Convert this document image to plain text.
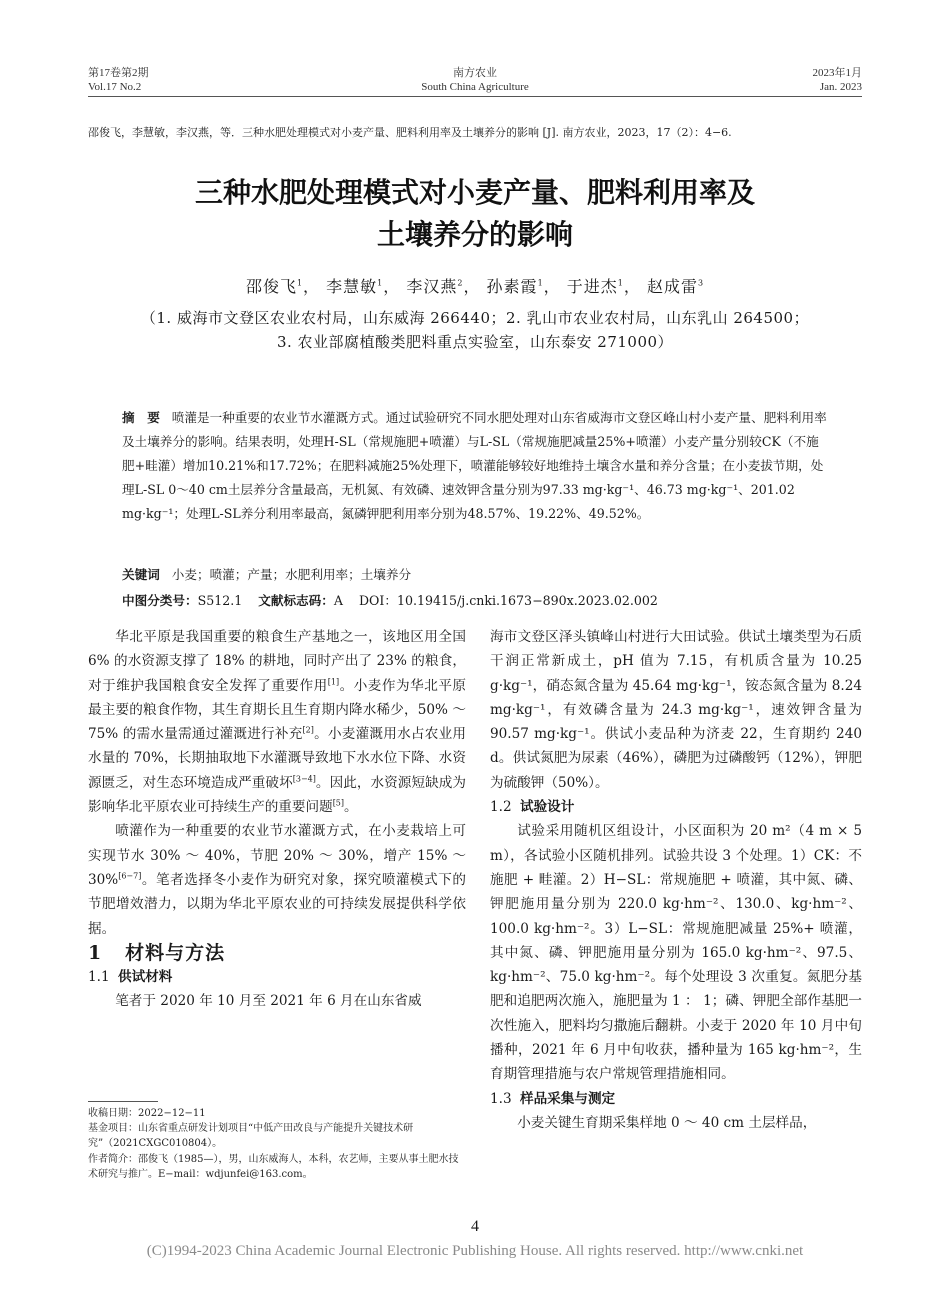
第17卷第2期
Vol.17 No.2
南方农业
South China Agriculture
2023年1月
Jan. 2023
邵俊飞，李慧敏，李汉燕，等．三种水肥处理模式对小麦产量、肥料利用率及土壤养分的影响 [J]. 南方农业，2023，17（2）：4−6.
三种水肥处理模式对小麦产量、肥料利用率及
土壤养分的影响
邵俊飞$^1$， 李慧敏$^1$， 李汉燕$^2$， 孙素霞$^1$， 于进杰$^1$， 赵成雷$^3$
（1. 威海市文登区农业农村局，山东威海 266440；2. 乳山市农业农村局，山东乳山 264500；
3. 农业部腐植酸类肥料重点实验室，山东泰安 271000）

摘　要 喷灌是一种重要的农业节水灌溉方式。通过试验研究不同水肥处理对山东省威海市文登区峰山村小麦产量、肥料利用率及土壤养分的影响。结果表明，处理H-SL（常规施肥+喷灌）与L-SL（常规施肥减量25%+喷灌）小麦产量分别较CK（不施肥+畦灌）增加10.21%和17.72%；在肥料减施25%处理下，喷灌能够较好地维持土壤含水量和养分含量；在小麦拔节期，处理L-SL 0～40 cm土层养分含量最高，无机氮、有效磷、速效钾含量分别为97.33 mg·kg⁻¹、46.73 mg·kg⁻¹、201.02 mg·kg⁻¹；处理L-SL养分利用率最高，氮磷钾肥利用率分别为48.57%、19.22%、49.52%。

关键词 小麦；喷灌；产量；水肥利用率；土壤养分
中图分类号：S512.1 文献标志码：A DOI：10.19415/j.cnki.1673−890x.2023.02.002

华北平原是我国重要的粮食生产基地之一，该地区用全国 6% 的水资源支撑了 18% 的耕地，同时产出了 23% 的粮食，对于维护我国粮食安全发挥了重要作用[1]。小麦作为华北平原最主要的粮食作物，其生育期长且生育期内降水稀少，50% ～ 75% 的需水量需通过灌溉进行补充[2]。小麦灌溉用水占农业用水量的 70%，长期抽取地下水灌溉导致地下水水位下降、水资源匮乏，对生态环境造成严重破坏[3−4]。因此，水资源短缺成为影响华北平原农业可持续生产的重要问题[5]。

喷灌作为一种重要的农业节水灌溉方式，在小麦栽培上可实现节水 30% ～ 40%，节肥 20% ～ 30%，增产 15% ～ 30%[6−7]。笔者选择冬小麦作为研究对象，探究喷灌模式下的节肥增效潜力，以期为华北平原农业的可持续发展提供科学依据。

1 材料与方法

1.1 供试材料

笔者于 2020 年 10 月至 2021 年 6 月在山东省威

海市文登区泽头镇峰山村进行大田试验。供试土壤类型为石质干润正常新成土，pH 值为 7.15，有机质含量为 10.25 g·kg⁻¹，硝态氮含量为 45.64 mg·kg⁻¹，铵态氮含量为 8.24 mg·kg⁻¹，有效磷含量为 24.3 mg·kg⁻¹，速效钾含量为 90.57 mg·kg⁻¹。供试小麦品种为济麦 22，生育期约 240 d。供试氮肥为尿素（46%），磷肥为过磷酸钙（12%），钾肥为硫酸钾（50%）。

1.2 试验设计

试验采用随机区组设计，小区面积为 20 m²（4 m × 5 m），各试验小区随机排列。试验共设 3 个处理。1）CK：不施肥 + 畦灌。2）H−SL：常规施肥 + 喷灌，其中氮、磷、钾肥施用量分别为 220.0 kg·hm⁻²、130.0、kg·hm⁻²、100.0 kg·hm⁻²。3）L−SL：常规施肥减量 25%+ 喷灌，其中氮、磷、钾肥施用量分别为 165.0 kg·hm⁻²、97.5、kg·hm⁻²、75.0 kg·hm⁻²。每个处理设 3 次重复。氮肥分基肥和追肥两次施入，施肥量为 1 ： 1；磷、钾肥全部作基肥一次性施入，肥料均匀撒施后翻耕。小麦于 2020 年 10 月中旬播种，2021 年 6 月中旬收获，播种量为 165 kg·hm⁻²，生育期管理措施与农户常规管理措施相同。

1.3 样品采集与测定

小麦关键生育期采集样地 0 ～ 40 cm 土层样品，

收稿日期：2022−12−11
基金项目：山东省重点研发计划项目“中低产田改良与产能提升关键技术研究”（2021CXGC010804）。
作者简介：邵俊飞（1985—），男，山东威海人，本科，农艺师，主要从事土肥水技术研究与推广。E−mail：wdjunfei@163.com。
4
(C)1994-2023 China Academic Journal Electronic Publishing House. All rights reserved. http://www.cnki.net
